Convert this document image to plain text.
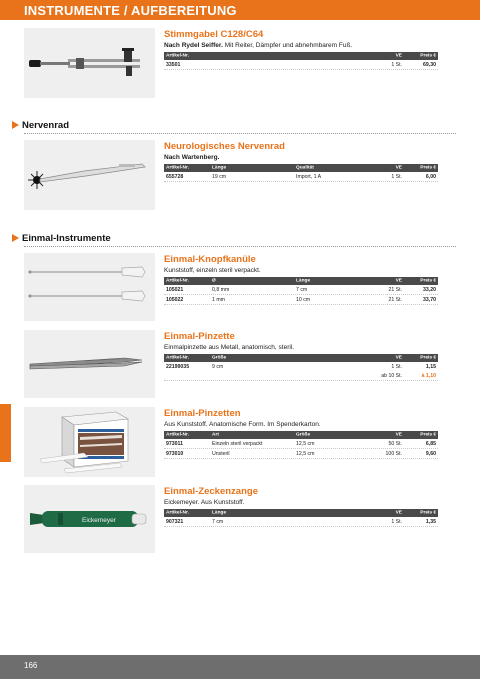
INSTRUMENTE / AUFBEREITUNG
Stimmgabel C128/C64
Nach Rydel Seiffer. Mit Reiter, Dämpfer und abnehmbarem Fuß.
Artikel-Nr.	VE	Preis €
33501	1 St.	69,30
Nervenrad
Neurologisches Nervenrad
Nach Wartenberg.
Artikel-Nr.	Länge	Qualität	VE	Preis €
655728	19 cm	Import, 1 A	1 St.	6,00
Einmal-Instrumente
Einmal-Knopfkanüle
Kunststoff, einzeln steril verpackt.
Artikel-Nr.	Ø	Länge	VE	Preis €
105021	0,8 mm	7 cm	21 St.	33,20
105022	1 mm	10 cm	21 St.	33,70
Einmal-Pinzette
Einmalpinzette aus Metall, anatomisch, steril.
Artikel-Nr.	Größe	VE	Preis €
22199035	9 cm	1 St.	1,15
ab 10 St.	à 1,10
Einmal-Pinzetten
Aus Kunststoff. Anatomische Form. Im Spenderkarton.
Artikel-Nr.	Art	Größe	VE	Preis €
973011	Einzeln steril verpackt	12,5 cm	50 St.	6,85
973010	Unsteril	12,5 cm	100 St.	9,60
Eickemeyer
Einmal-Zeckenzange
Eickemeyer. Aus Kunststoff.
Artikel-Nr.	Länge	VE	Preis €
907321	7 cm	1 St.	1,35
166
